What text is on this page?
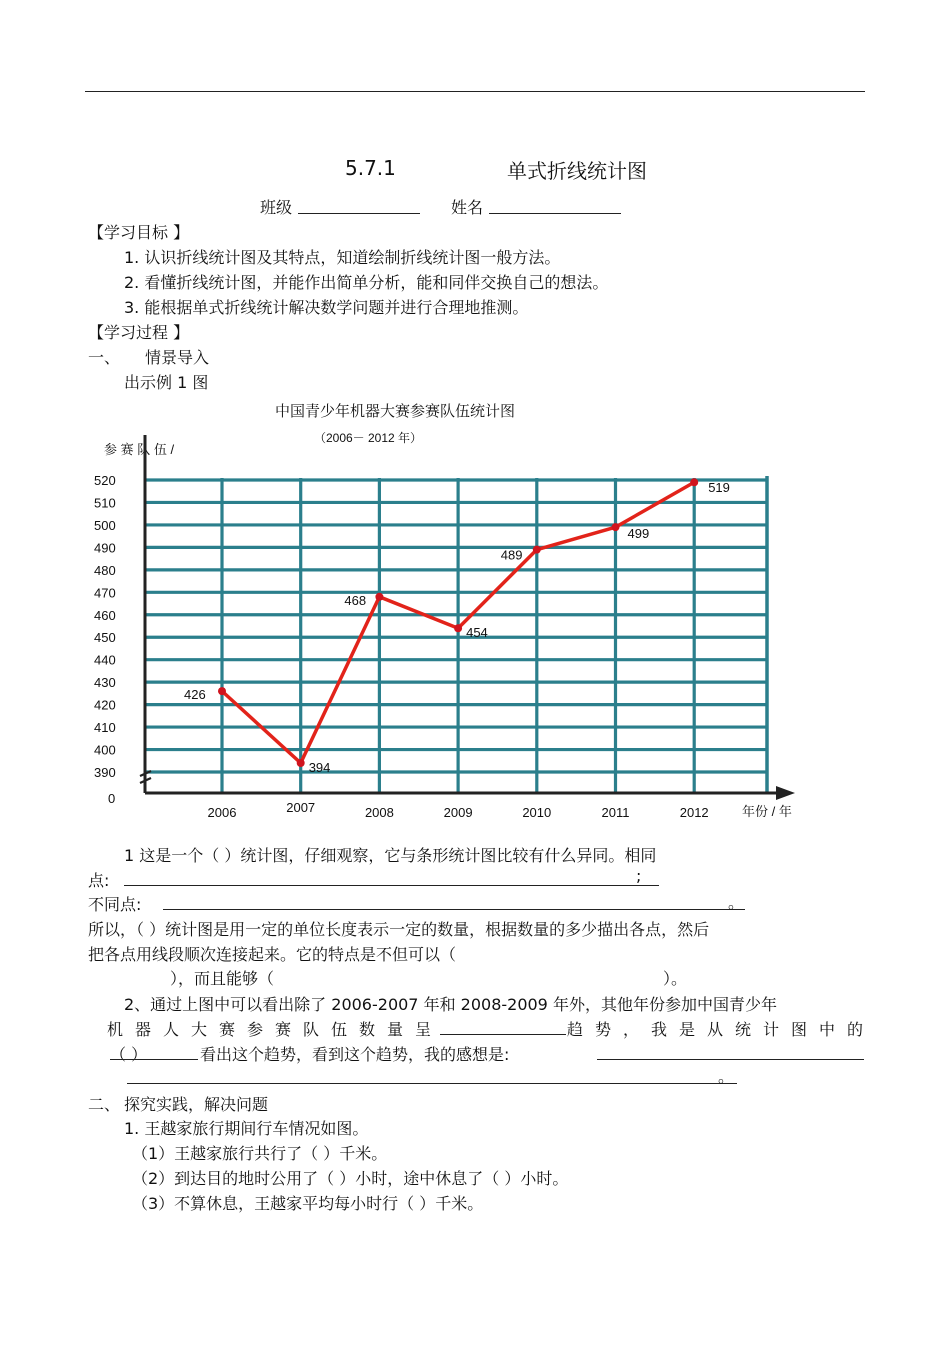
5.7.1	单式折线统计图
班级	姓名
【学习目标 】
1. 认识折线统计图及其特点，知道绘制折线统计图一般方法。
2. 看懂折线统计图，并能作出简单分析，能和同伴交换自己的想法。
3. 能根据单式折线统计解决数学问题并进行合理地推测。
【学习过程 】
一、 情景导入
出示例 1 图
中国青少年机器大赛参赛队伍统计图
（2006－ 2012 年）
参 赛 队 伍 /
年份 / 年
0
520
510
500
490
480
470
460
450
440
430
420
410
400
390
2006	2007	2008	2009	2010	2011	2012
426
394
468
454
489
499
519
1 这是一个（ ）统计图，仔细观察，它与条形统计图比较有什么异同。相同
点:	;
不同点:	。
所以，（ ）统计图是用一定的单位长度表示一定的数量，根据数量的多少描出各点，然后
把各点用线段顺次连接起来。它的特点是不但可以（
），而且能够（	）。
2、通过上图中可以看出除了 2006-2007 年和 2008-2009 年外，其他年份参加中国青少年
机器人大赛参赛队伍数量呈	趋势，我是从统计图中的
（ ）	看出这个趋势，看到这个趋势，我的感想是:
。
二、 探究实践，解决问题
1. 王越家旅行期间行车情况如图。
（1）王越家旅行共行了（ ）千米。
（2）到达目的地时公用了（ ）小时，途中休息了（ ）小时。
（3）不算休息，王越家平均每小时行（ ）千米。
